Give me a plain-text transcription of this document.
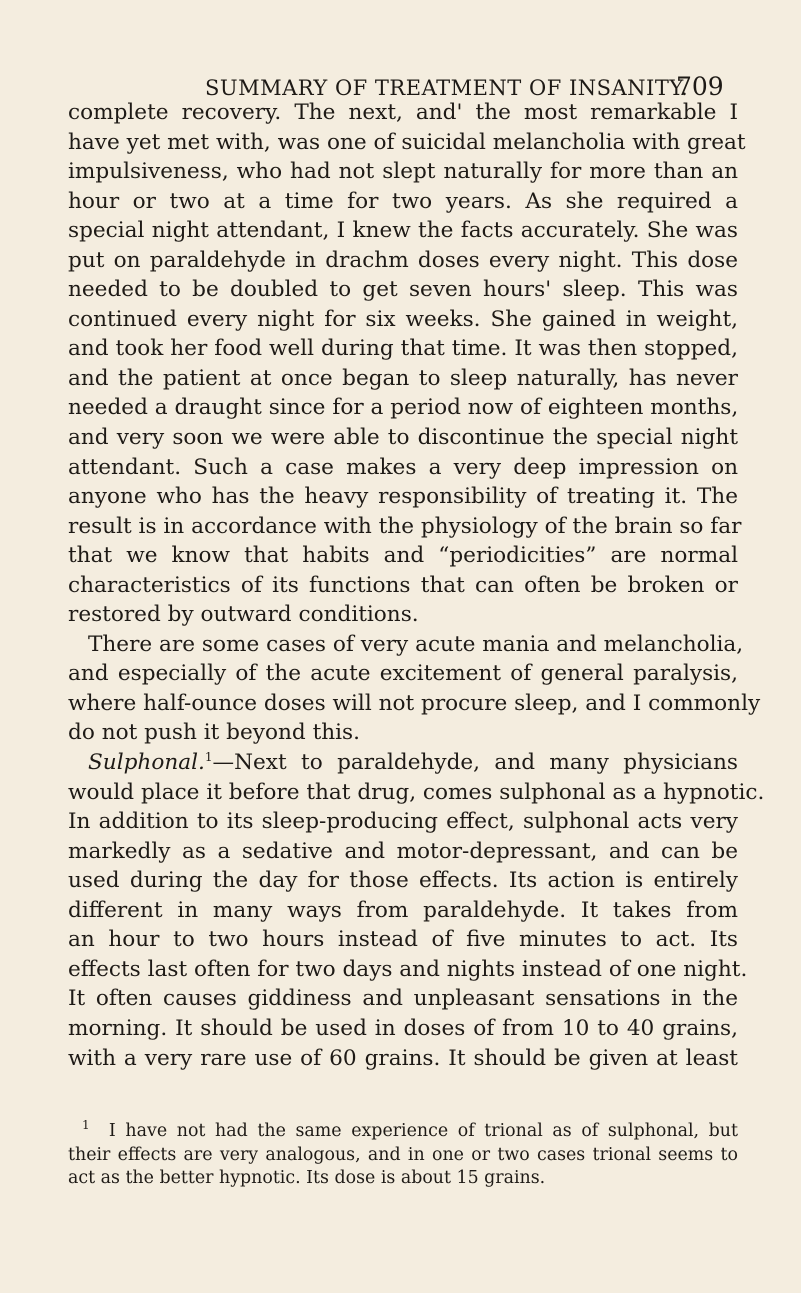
SUMMARY OF TREATMENT OF INSANITY.
709
complete recovery. The next, and' the most remarkable I
have yet met with, was one of suicidal melancholia with great
impulsiveness, who had not slept naturally for more than an
hour or two at a time for two years. As she required a
special night attendant, I knew the facts accurately. She was
put on paraldehyde in drachm doses every night. This dose
needed to be doubled to get seven hours' sleep. This was
continued every night for six weeks. She gained in weight,
and took her food well during that time. It was then stopped,
and the patient at once began to sleep naturally, has never
needed a draught since for a period now of eighteen months,
and very soon we were able to discontinue the special night
attendant. Such a case makes a very deep impression on
anyone who has the heavy responsibility of treating it. The
result is in accordance with the physiology of the brain so far
that we know that habits and “periodicities” are normal
characteristics of its functions that can often be broken or
restored by outward conditions.
There are some cases of very acute mania and melancholia,
and especially of the acute excitement of general paralysis,
where half-ounce doses will not procure sleep, and I commonly
do not push it beyond this.
Sulphonal.$^1$—Next to paraldehyde, and many physicians
would place it before that drug, comes sulphonal as a hypnotic.
In addition to its sleep-producing effect, sulphonal acts very
markedly as a sedative and motor-depressant, and can be
used during the day for those effects. Its action is entirely
different in many ways from paraldehyde. It takes from
an hour to two hours instead of five minutes to act. Its
effects last often for two days and nights instead of one night.
It often causes giddiness and unpleasant sensations in the
morning. It should be used in doses of from 10 to 40 grains,
with a very rare use of 60 grains. It should be given at least
$^1$ I have not had the same experience of trional as of sulphonal, but
their effects are very analogous, and in one or two cases trional seems to
act as the better hypnotic. Its dose is about 15 grains.
